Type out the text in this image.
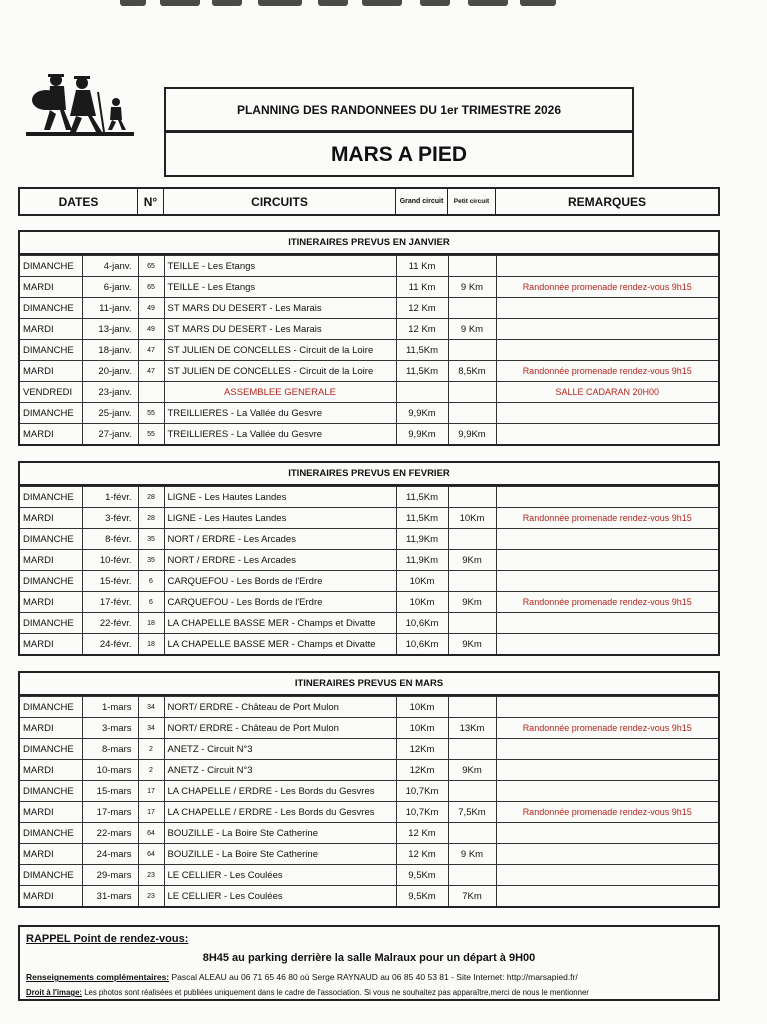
PLANNING DES RANDONNEES DU 1er TRIMESTRE 2026
MARS A PIED
DATES	N°	CIRCUITS	Grand circuit	Petit circuit	REMARQUES
ITINERAIRES PREVUS EN JANVIER
DIMANCHE	4-janv.	65	TEILLE - Les Etangs	11 Km		
MARDI	6-janv.	65	TEILLE - Les Etangs	11 Km	9 Km	Randonnée promenade rendez-vous 9h15
DIMANCHE	11-janv.	49	ST MARS DU DESERT - Les Marais	12 Km		
MARDI	13-janv.	49	ST MARS DU DESERT - Les Marais	12 Km	9 Km	
DIMANCHE	18-janv.	47	ST JULIEN DE CONCELLES - Circuit de la Loire	11,5Km		
MARDI	20-janv.	47	ST JULIEN DE CONCELLES - Circuit de la Loire	11,5Km	8,5Km	Randonnée promenade rendez-vous 9h15
VENDREDI	23-janv.		ASSEMBLEE GENERALE			SALLE CADARAN 20H00
DIMANCHE	25-janv.	55	TREILLIERES - La Vallée du Gesvre	9,9Km		
MARDI	27-janv.	55	TREILLIERES - La Vallée du Gesvre	9,9Km	9,9Km	
ITINERAIRES PREVUS EN FEVRIER
DIMANCHE	1-févr.	28	LIGNE - Les Hautes Landes	11,5Km		
MARDI	3-févr.	28	LIGNE - Les Hautes Landes	11,5Km	10Km	Randonnée promenade rendez-vous 9h15
DIMANCHE	8-févr.	35	NORT / ERDRE - Les Arcades	11,9Km		
MARDI	10-févr.	35	NORT / ERDRE - Les Arcades	11,9Km	9Km	
DIMANCHE	15-févr.	6	CARQUEFOU - Les Bords de l'Erdre	10Km		
MARDI	17-févr.	6	CARQUEFOU - Les Bords de l'Erdre	10Km	9Km	Randonnée promenade rendez-vous 9h15
DIMANCHE	22-févr.	18	LA CHAPELLE BASSE MER - Champs et Divatte	10,6Km		
MARDI	24-févr.	18	LA CHAPELLE BASSE MER - Champs et Divatte	10,6Km	9Km	
ITINERAIRES PREVUS EN MARS
DIMANCHE	1-mars	34	NORT/ ERDRE - Château de Port Mulon	10Km		
MARDI	3-mars	34	NORT/ ERDRE - Château de Port Mulon	10Km	13Km	Randonnée promenade rendez-vous 9h15
DIMANCHE	8-mars	2	ANETZ - Circuit N°3	12Km		
MARDI	10-mars	2	ANETZ - Circuit N°3	12Km	9Km	
DIMANCHE	15-mars	17	LA CHAPELLE / ERDRE - Les Bords du Gesvres	10,7Km		
MARDI	17-mars	17	LA CHAPELLE / ERDRE - Les Bords du Gesvres	10,7Km	7,5Km	Randonnée promenade rendez-vous 9h15
DIMANCHE	22-mars	64	BOUZILLE - La Boire Ste Catherine	12 Km		
MARDI	24-mars	64	BOUZILLE - La Boire Ste Catherine	12 Km	9 Km	
DIMANCHE	29-mars	23	LE CELLIER - Les Coulées	9,5Km		
MARDI	31-mars	23	LE CELLIER - Les Coulées	9,5Km	7Km	
RAPPEL Point de rendez-vous:
8H45 au parking derrière la salle Malraux pour un départ à 9H00
Renseignements complémentaires: Pascal ALEAU au 06 71 65 46 80 où Serge RAYNAUD au 06 85 40 53 81 - Site Internet: http://marsapied.fr/
Droit à l'image: Les photos sont réalisées et publiées uniquement dans le cadre de l'association. Si vous ne souhaitez pas apparaître,merci de nous le mentionner
